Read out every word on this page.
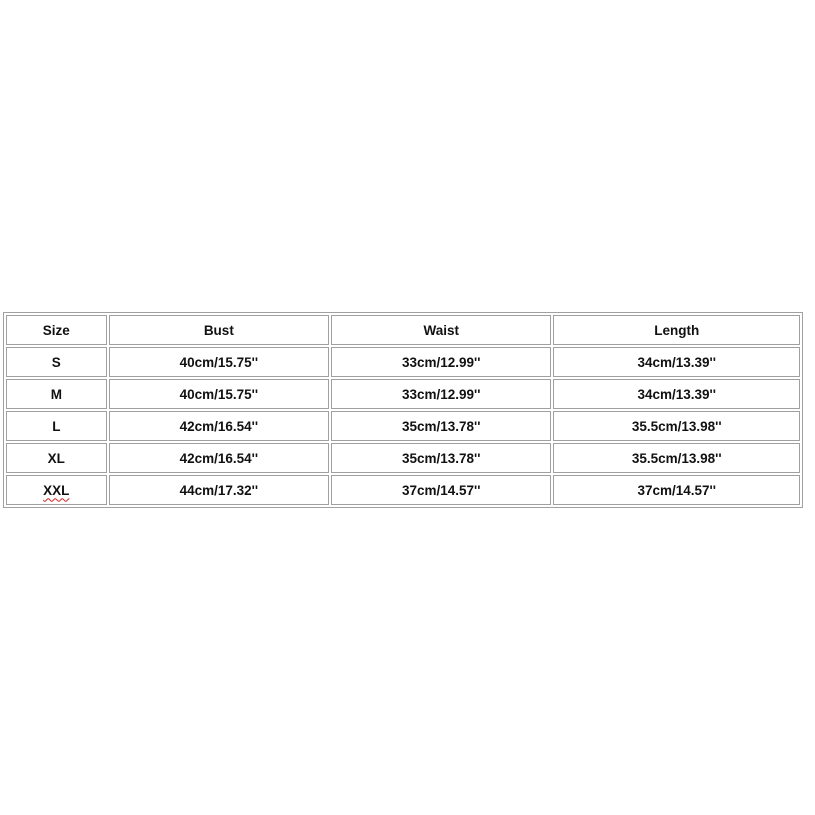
Size	Bust	Waist	Length
S	40cm/15.75''	33cm/12.99''	34cm/13.39''
M	40cm/15.75''	33cm/12.99''	34cm/13.39''
L	42cm/16.54''	35cm/13.78''	35.5cm/13.98''
XL	42cm/16.54''	35cm/13.78''	35.5cm/13.98''
XXL	44cm/17.32''	37cm/14.57''	37cm/14.57''
